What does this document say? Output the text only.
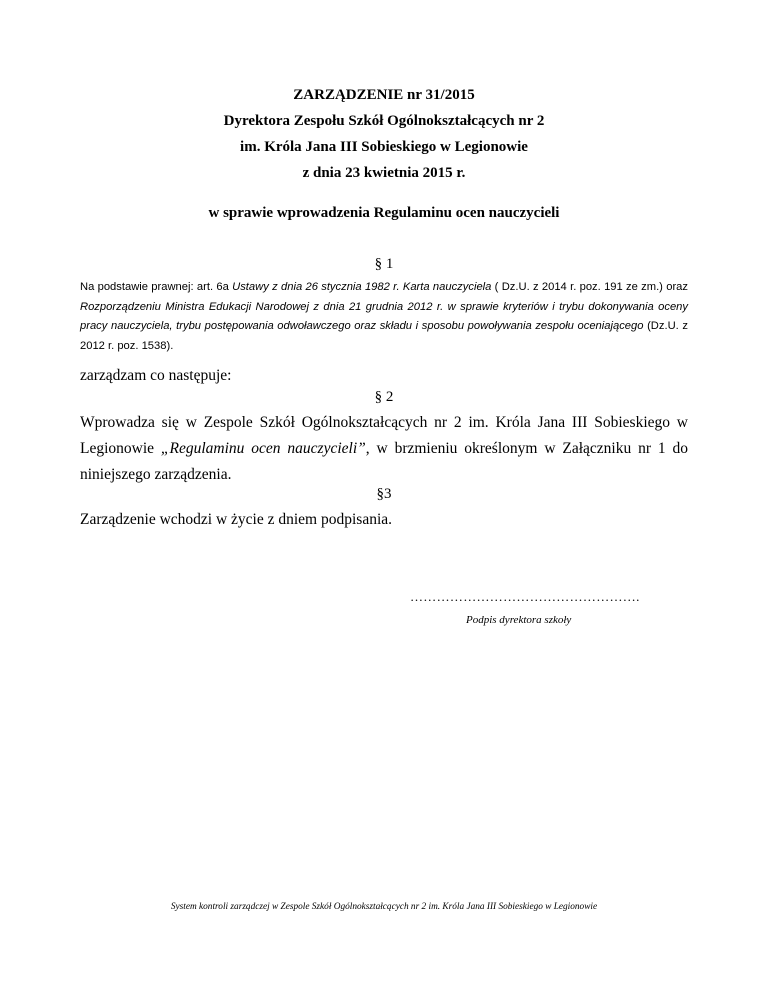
ZARZĄDZENIE nr 31/2015
Dyrektora Zespołu Szkół Ogólnokształcących nr 2
im. Króla Jana III Sobieskiego w Legionowie
z dnia 23 kwietnia 2015 r.
w sprawie wprowadzenia Regulaminu ocen nauczycieli
§ 1
Na podstawie prawnej: art. 6a Ustawy z dnia 26 stycznia 1982 r. Karta nauczyciela ( Dz.U. z 2014 r. poz. 191 ze zm.) oraz Rozporządzeniu Ministra Edukacji Narodowej z dnia 21 grudnia 2012 r. w sprawie kryteriów i trybu dokonywania oceny pracy nauczyciela, trybu postępowania odwoławczego oraz składu i sposobu powoływania zespołu oceniającego (Dz.U. z 2012 r. poz. 1538).
zarządzam co następuje:
§ 2
Wprowadza się w Zespole Szkół Ogólnokształcących nr 2 im. Króla Jana III Sobieskiego w Legionowie „Regulaminu ocen nauczycieli”, w brzmieniu określonym w Załączniku nr 1 do niniejszego zarządzenia.
§3
Zarządzenie wchodzi w życie z dniem podpisania.
…………………………………………….
Podpis dyrektora szkoły
System kontroli zarządczej w Zespole Szkół Ogólnokształcących nr 2 im. Króla Jana III Sobieskiego w Legionowie
